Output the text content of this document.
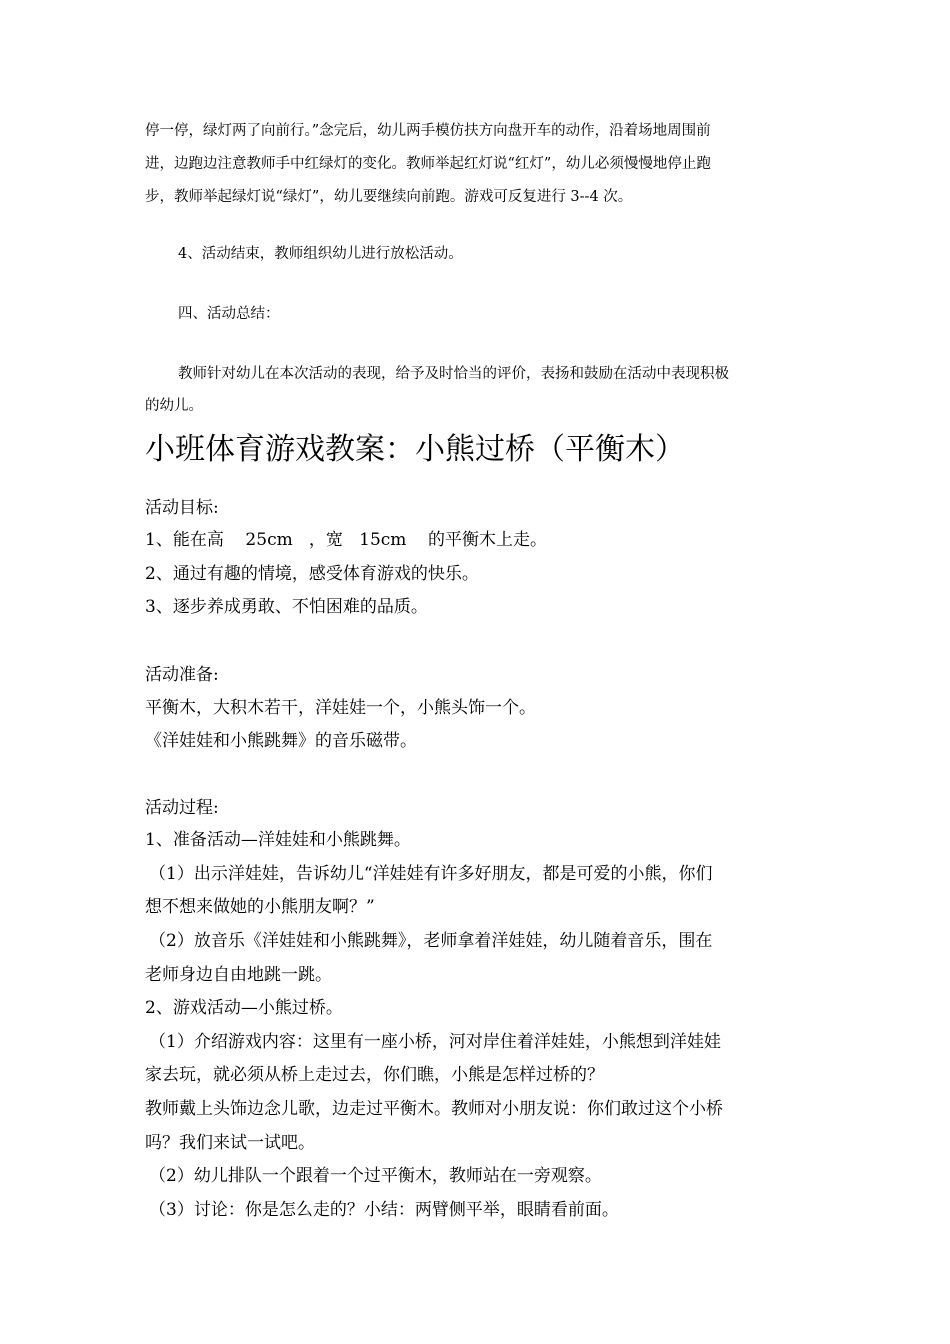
停一停，绿灯两了向前行。”念完后，幼儿两手模仿扶方向盘开车的动作，沿着场地周围前

进，边跑边注意教师手中红绿灯的变化。教师举起红灯说“红灯”，幼儿必须慢慢地停止跑

步，教师举起绿灯说“绿灯”，幼儿要继续向前跑。游戏可反复进行 3--4 次。

4、活动结束，教师组织幼儿进行放松活动。

四、活动总结：

教师针对幼儿在本次活动的表现，给予及时恰当的评价，表扬和鼓励在活动中表现积极

的幼儿。

小班体育游戏教案：小熊过桥（平衡木）

活动目标:

1、能在高    25cm   ，宽   15cm    的平衡木上走。

2、通过有趣的情境，感受体育游戏的快乐。

3、逐步养成勇敢、不怕困难的品质。

活动准备:

平衡木，大积木若干，洋娃娃一个，小熊头饰一个。

《洋娃娃和小熊跳舞》的音乐磁带。

活动过程:

1、准备活动—洋娃娃和小熊跳舞。

（1）出示洋娃娃，告诉幼儿“洋娃娃有许多好朋友，都是可爱的小熊，你们

想不想来做她的小熊朋友啊？”

（2）放音乐《洋娃娃和小熊跳舞》，老师拿着洋娃娃，幼儿随着音乐，围在

老师身边自由地跳一跳。

2、游戏活动—小熊过桥。

（1）介绍游戏内容：这里有一座小桥，河对岸住着洋娃娃，小熊想到洋娃娃

家去玩，就必须从桥上走过去，你们瞧，小熊是怎样过桥的？

教师戴上头饰边念儿歌，边走过平衡木。教师对小朋友说：你们敢过这个小桥

吗？我们来试一试吧。

（2）幼儿排队一个跟着一个过平衡木，教师站在一旁观察。

（3）讨论：你是怎么走的？小结：两臂侧平举，眼睛看前面。
